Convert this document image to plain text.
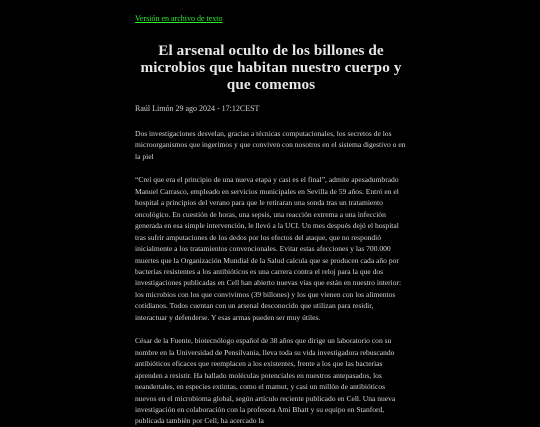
Versión en archivo de texto
El arsenal oculto de los billones de microbios que habitan nuestro cuerpo y que comemos
Raúl Limón 29 ago 2024 - 17:12CEST

Dos investigaciones desvelan, gracias a técnicas computacionales, los secretos de los microorganismos que ingerimos y que conviven con nosotros en el sistema digestivo o en la piel

“Creí que era el principio de una nueva etapa y casi es el final”, admite apesadumbrado Manuel Carrasco, empleado en servicios municipales en Sevilla de 59 años. Entró en el hospital a principios del verano para que le retiraran una sonda tras un tratamiento oncológico. En cuestión de horas, una sepsis, una reacción extrema a una infección generada en esa simple intervención, le llevó a la UCI. Un mes después dejó el hospital tras sufrir amputaciones de los dedos por los efectos del ataque, que no respondió inicialmente a los tratamientos convencionales. Evitar estas afecciones y las 700.000 muertes que la Organización Mundial de la Salud calcula que se producen cada año por bacterias resistentes a los antibióticos es una carrera contra el reloj para la que dos investigaciones publicadas en Cell han abierto nuevas vías que están en nuestro interior: los microbios con los que convivimos (39 billones) y los que vienen con los alimentos cotidianos. Todos cuentan con un arsenal desconocido que utilizan para residir, interactuar y defenderse. Y esas armas pueden ser muy útiles.

César de la Fuente, biotecnólogo español de 38 años que dirige un laboratorio con su nombre en la Universidad de Pensilvania, lleva toda su vida investigadora rebuscando antibióticos eficaces que reemplacen a los existentes, frente a los que las bacterias aprenden a resistir. Ha hallado moléculas potenciales en nuestros antepasados, los neandertales, en especies extintas, como el mamut, y casi un millón de antibióticos nuevos en el microbioma global, según artículo reciente publicado en Cell. Una nueva investigación en colaboración con la profesora Ami Bhatt y su equipo en Stanford, publicada también por Cell, ha acercado la
